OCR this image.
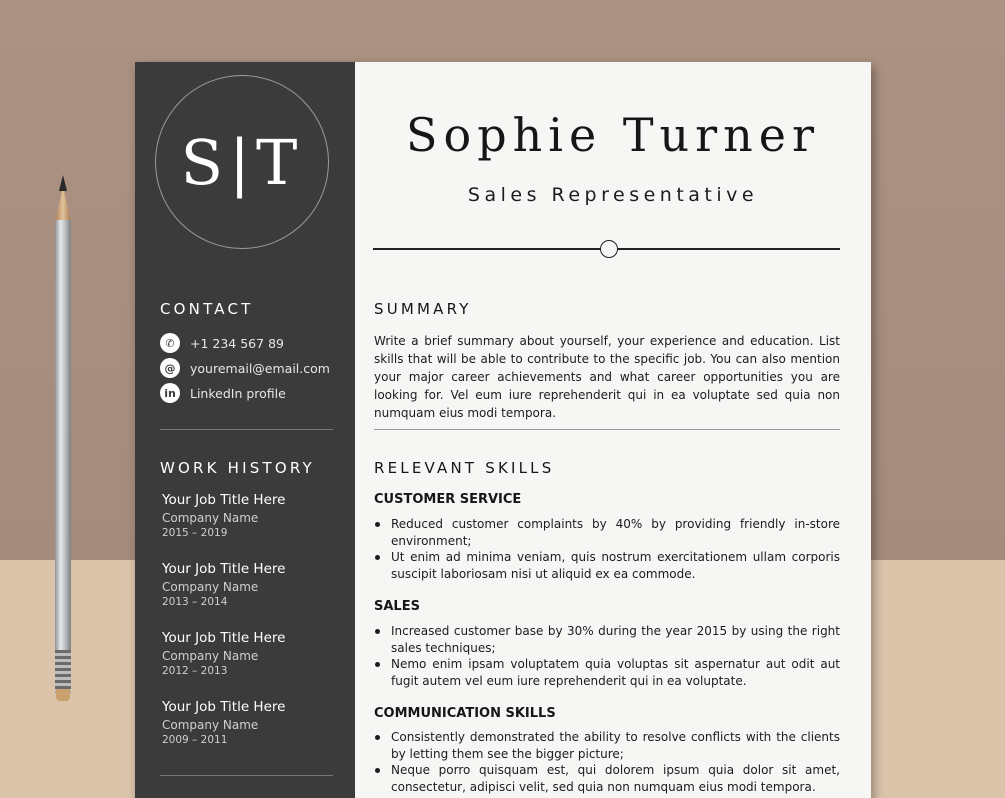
S|T
CONTACT
✆	+1 234 567 89
@	youremail@email.com
in	LinkedIn profile
WORK HISTORY
Your Job Title Here
Company Name
2015 – 2019
Your Job Title Here
Company Name
2013 – 2014
Your Job Title Here
Company Name
2012 – 2013
Your Job Title Here
Company Name
2009 – 2011
Sophie Turner
Sales Representative
SUMMARY
Write a brief summary about yourself, your experience and education. List skills that will be able to contribute to the specific job. You can also mention your major career achievements and what career opportunities you are looking for. Vel eum iure reprehenderit qui in ea voluptate sed quia non numquam eius modi tempora.
RELEVANT SKILLS
CUSTOMER SERVICE
Reduced customer complaints by 40% by providing friendly in-store environment;
Ut enim ad minima veniam, quis nostrum exercitationem ullam corporis suscipit laboriosam nisi ut aliquid ex ea commode.
SALES
Increased customer base by 30% during the year 2015 by using the right sales techniques;
Nemo enim ipsam voluptatem quia voluptas sit aspernatur aut odit aut fugit autem vel eum iure reprehenderit qui in ea voluptate.
COMMUNICATION SKILLS
Consistently demonstrated the ability to resolve conflicts with the clients by letting them see the bigger picture;
Neque porro quisquam est, qui dolorem ipsum quia dolor sit amet, consectetur, adipisci velit, sed quia non numquam eius modi tempora.
